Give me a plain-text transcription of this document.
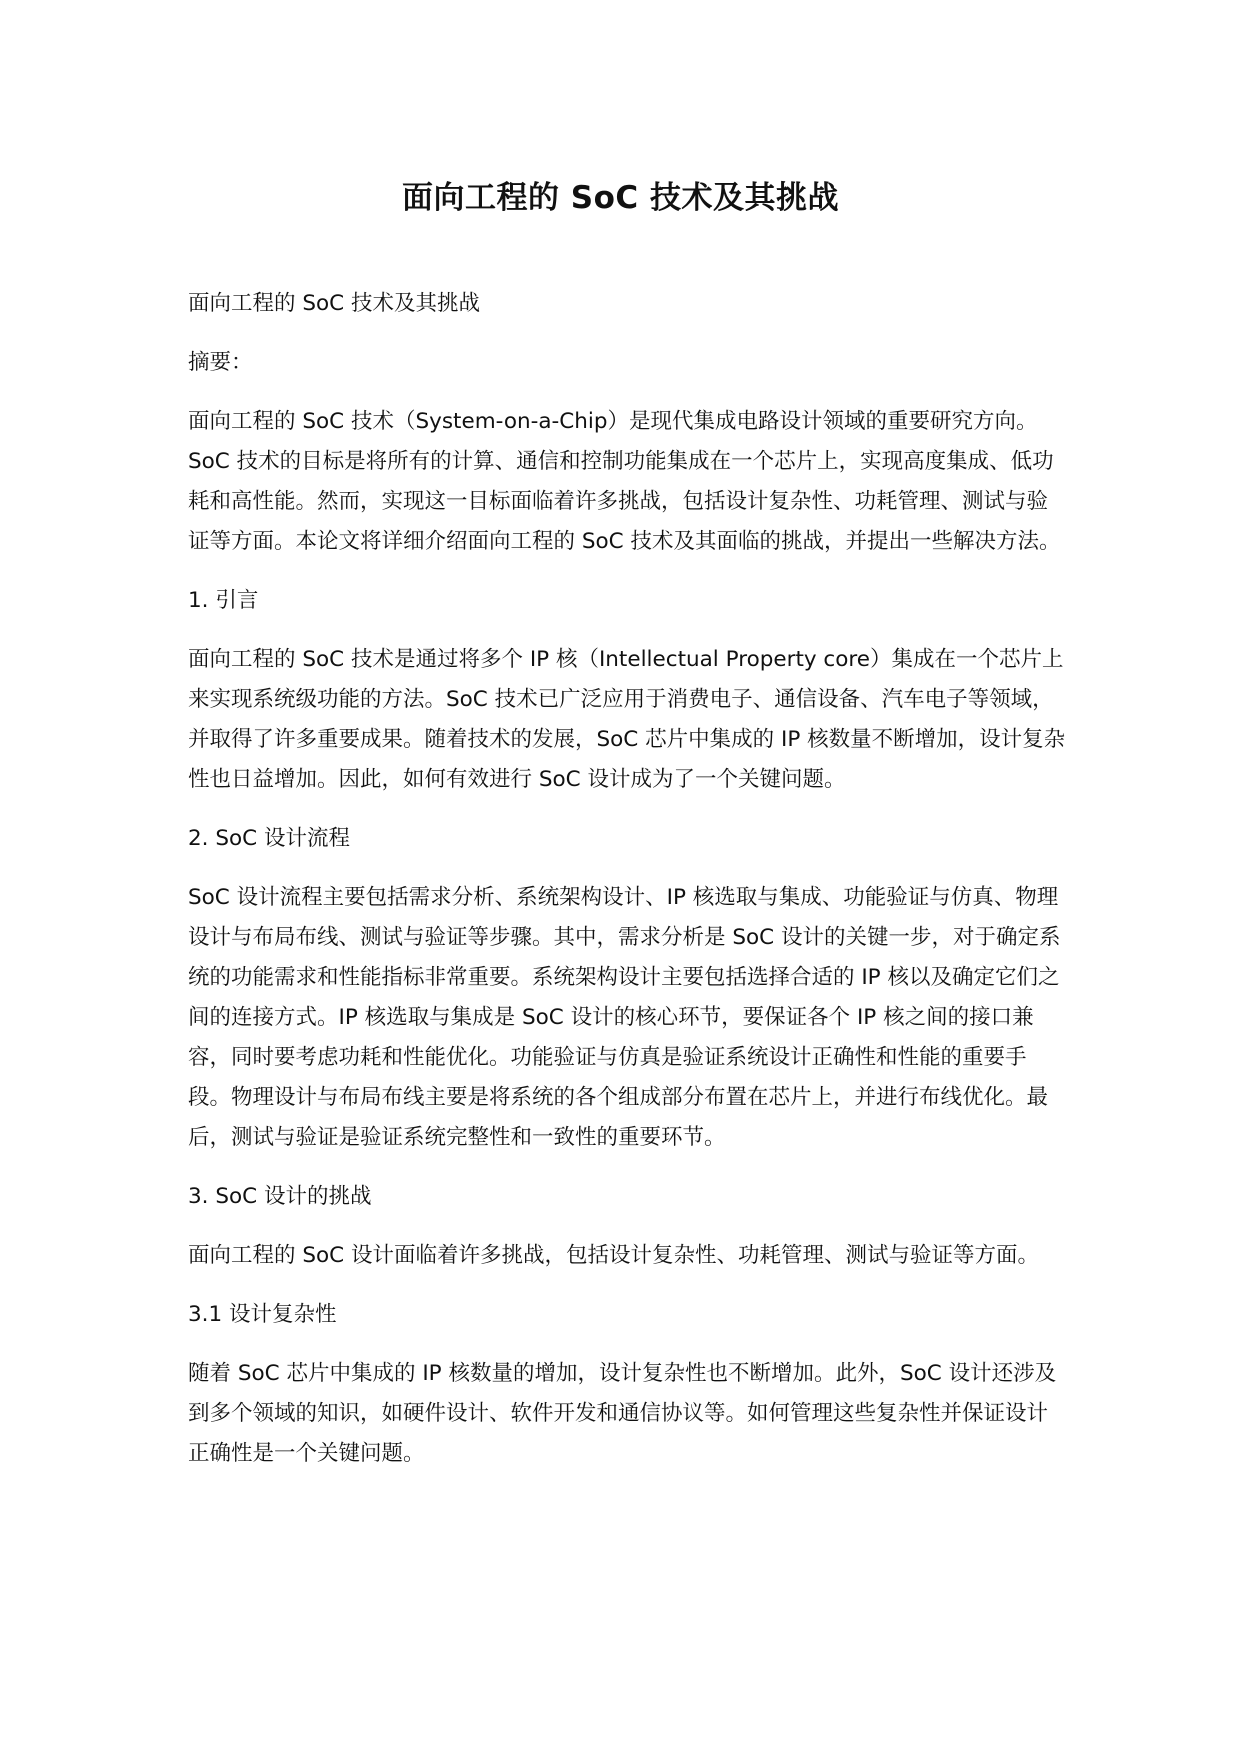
面向工程的 SoC 技术及其挑战

面向工程的 SoC 技术及其挑战

摘要：

面向工程的 SoC 技术（System-on-a-Chip）是现代集成电路设计领域的重要研究方向。SoC 技术的目标是将所有的计算、通信和控制功能集成在一个芯片上，实现高度集成、低功耗和高性能。然而，实现这一目标面临着许多挑战，包括设计复杂性、功耗管理、测试与验证等方面。本论文将详细介绍面向工程的 SoC 技术及其面临的挑战，并提出一些解决方法。

1. 引言

面向工程的 SoC 技术是通过将多个 IP 核（Intellectual Property core）集成在一个芯片上来实现系统级功能的方法。SoC 技术已广泛应用于消费电子、通信设备、汽车电子等领域，并取得了许多重要成果。随着技术的发展，SoC 芯片中集成的 IP 核数量不断增加，设计复杂性也日益增加。因此，如何有效进行 SoC 设计成为了一个关键问题。

2. SoC 设计流程

SoC 设计流程主要包括需求分析、系统架构设计、IP 核选取与集成、功能验证与仿真、物理设计与布局布线、测试与验证等步骤。其中，需求分析是 SoC 设计的关键一步，对于确定系统的功能需求和性能指标非常重要。系统架构设计主要包括选择合适的 IP 核以及确定它们之间的连接方式。IP 核选取与集成是 SoC 设计的核心环节，要保证各个 IP 核之间的接口兼容，同时要考虑功耗和性能优化。功能验证与仿真是验证系统设计正确性和性能的重要手段。物理设计与布局布线主要是将系统的各个组成部分布置在芯片上，并进行布线优化。最后，测试与验证是验证系统完整性和一致性的重要环节。

3. SoC 设计的挑战

面向工程的 SoC 设计面临着许多挑战，包括设计复杂性、功耗管理、测试与验证等方面。

3.1 设计复杂性

随着 SoC 芯片中集成的 IP 核数量的增加，设计复杂性也不断增加。此外，SoC 设计还涉及到多个领域的知识，如硬件设计、软件开发和通信协议等。如何管理这些复杂性并保证设计正确性是一个关键问题。
